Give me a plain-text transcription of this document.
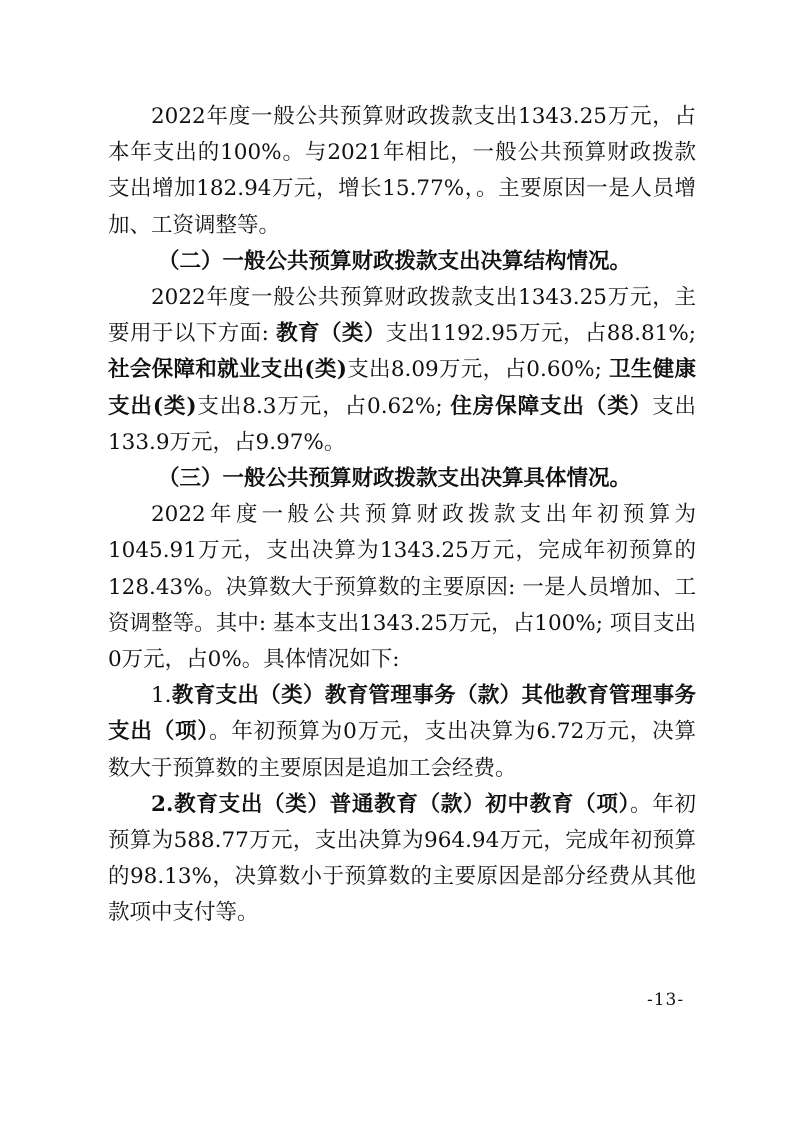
2022年度一般公共预算财政拨款支出1343.25万元，占本年支出的100%。与2021年相比，一般公共预算财政拨款支出增加182.94万元，增长15.77%，。主要原因一是人员增加、工资调整等。

（二）一般公共预算财政拨款支出决算结构情况。

2022年度一般公共预算财政拨款支出1343.25万元，主要用于以下方面: 教育（类）支出1192.95万元，占88.81%; 社会保障和就业支出(类)支出8.09万元，占0.60%; 卫生健康支出(类)支出8.3万元，占0.62%; 住房保障支出（类）支出133.9万元，占9.97%。

（三）一般公共预算财政拨款支出决算具体情况。

2022年度一般公共预算财政拨款支出年初预算为1045.91万元，支出决算为1343.25万元，完成年初预算的128.43%。决算数大于预算数的主要原因: 一是人员增加、工资调整等。其中: 基本支出1343.25万元，占100%; 项目支出0万元，占0%。具体情况如下:

1.教育支出（类）教育管理事务（款）其他教育管理事务支出（项）。年初预算为0万元，支出决算为6.72万元，决算数大于预算数的主要原因是追加工会经费。

2.教育支出（类）普通教育（款）初中教育（项）。年初预算为588.77万元，支出决算为964.94万元，完成年初预算的98.13%，决算数小于预算数的主要原因是部分经费从其他款项中支付等。

-13-
